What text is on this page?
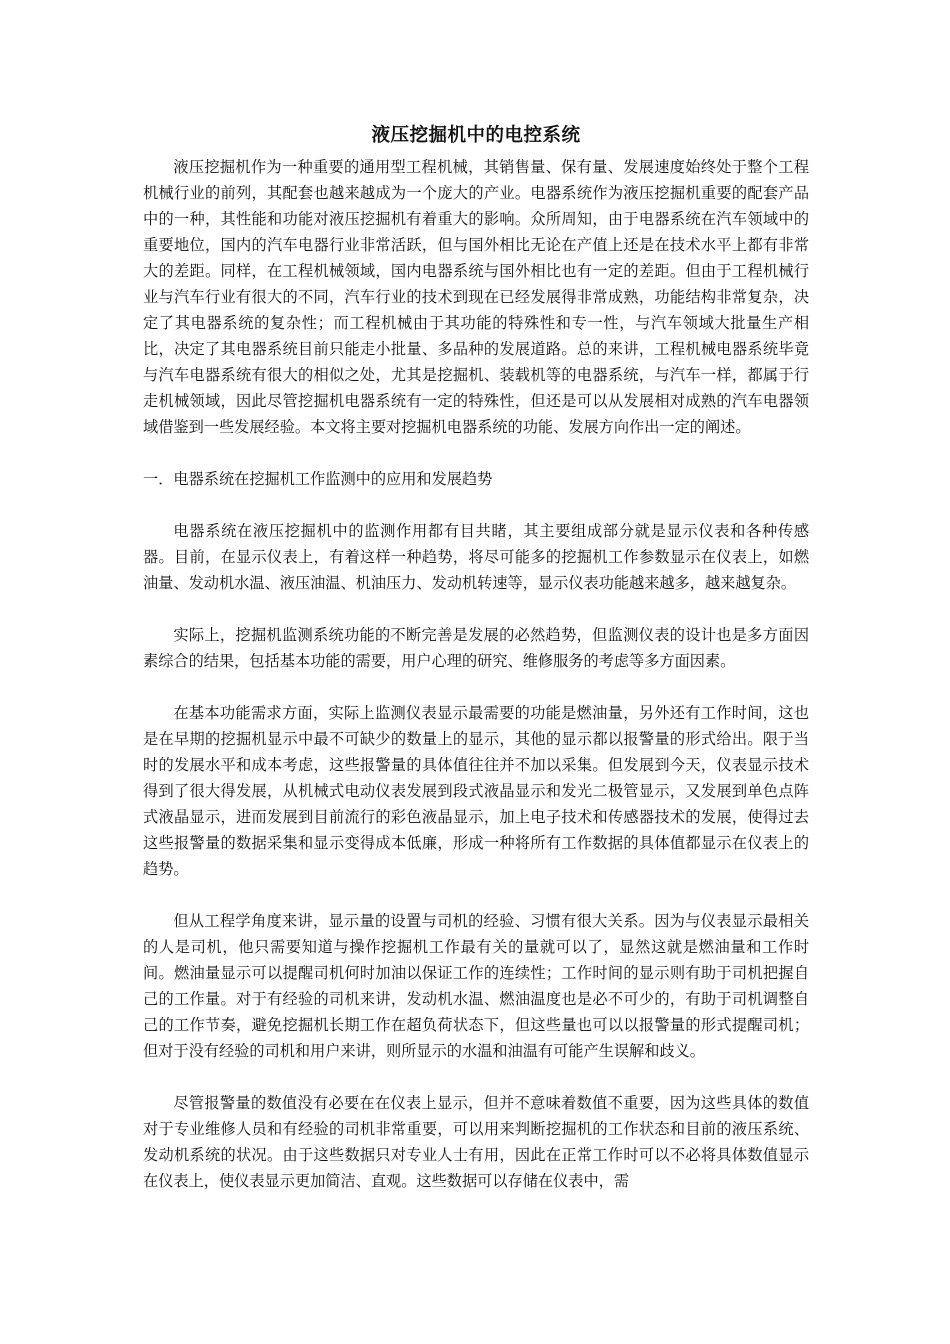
液压挖掘机中的电控系统

液压挖掘机作为一种重要的通用型工程机械，其销售量、保有量、发展速度始终处于整个工程机械行业的前列，其配套也越来越成为一个庞大的产业。电器系统作为液压挖掘机重要的配套产品中的一种，其性能和功能对液压挖掘机有着重大的影响。众所周知，由于电器系统在汽车领域中的重要地位，国内的汽车电器行业非常活跃，但与国外相比无论在产值上还是在技术水平上都有非常大的差距。同样，在工程机械领域，国内电器系统与国外相比也有一定的差距。但由于工程机械行业与汽车行业有很大的不同，汽车行业的技术到现在已经发展得非常成熟，功能结构非常复杂，决定了其电器系统的复杂性；而工程机械由于其功能的特殊性和专一性，与汽车领域大批量生产相比，决定了其电器系统目前只能走小批量、多品种的发展道路。总的来讲，工程机械电器系统毕竟与汽车电器系统有很大的相似之处，尤其是挖掘机、装载机等的电器系统，与汽车一样，都属于行走机械领域，因此尽管挖掘机电器系统有一定的特殊性，但还是可以从发展相对成熟的汽车电器领域借鉴到一些发展经验。本文将主要对挖掘机电器系统的功能、发展方向作出一定的阐述。

一．电器系统在挖掘机工作监测中的应用和发展趋势

电器系统在液压挖掘机中的监测作用都有目共睹，其主要组成部分就是显示仪表和各种传感器。目前，在显示仪表上，有着这样一种趋势，将尽可能多的挖掘机工作参数显示在仪表上，如燃油量、发动机水温、液压油温、机油压力、发动机转速等，显示仪表功能越来越多，越来越复杂。

实际上，挖掘机监测系统功能的不断完善是发展的必然趋势，但监测仪表的设计也是多方面因素综合的结果，包括基本功能的需要，用户心理的研究、维修服务的考虑等多方面因素。

在基本功能需求方面，实际上监测仪表显示最需要的功能是燃油量，另外还有工作时间，这也是在早期的挖掘机显示中最不可缺少的数量上的显示，其他的显示都以报警量的形式给出。限于当时的发展水平和成本考虑，这些报警量的具体值往往并不加以采集。但发展到今天，仪表显示技术得到了很大得发展，从机械式电动仪表发展到段式液晶显示和发光二极管显示，又发展到单色点阵式液晶显示，进而发展到目前流行的彩色液晶显示，加上电子技术和传感器技术的发展，使得过去这些报警量的数据采集和显示变得成本低廉，形成一种将所有工作数据的具体值都显示在仪表上的趋势。

但从工程学角度来讲，显示量的设置与司机的经验、习惯有很大关系。因为与仪表显示最相关的人是司机，他只需要知道与操作挖掘机工作最有关的量就可以了，显然这就是燃油量和工作时间。燃油量显示可以提醒司机何时加油以保证工作的连续性；工作时间的显示则有助于司机把握自己的工作量。对于有经验的司机来讲，发动机水温、燃油温度也是必不可少的，有助于司机调整自己的工作节奏，避免挖掘机长期工作在超负荷状态下，但这些量也可以以报警量的形式提醒司机；但对于没有经验的司机和用户来讲，则所显示的水温和油温有可能产生误解和歧义。

尽管报警量的数值没有必要在在仪表上显示，但并不意味着数值不重要，因为这些具体的数值对于专业维修人员和有经验的司机非常重要，可以用来判断挖掘机的工作状态和目前的液压系统、发动机系统的状况。由于这些数据只对专业人士有用，因此在正常工作时可以不必将具体数值显示在仪表上，使仪表显示更加简洁、直观。这些数据可以存储在仪表中，需
